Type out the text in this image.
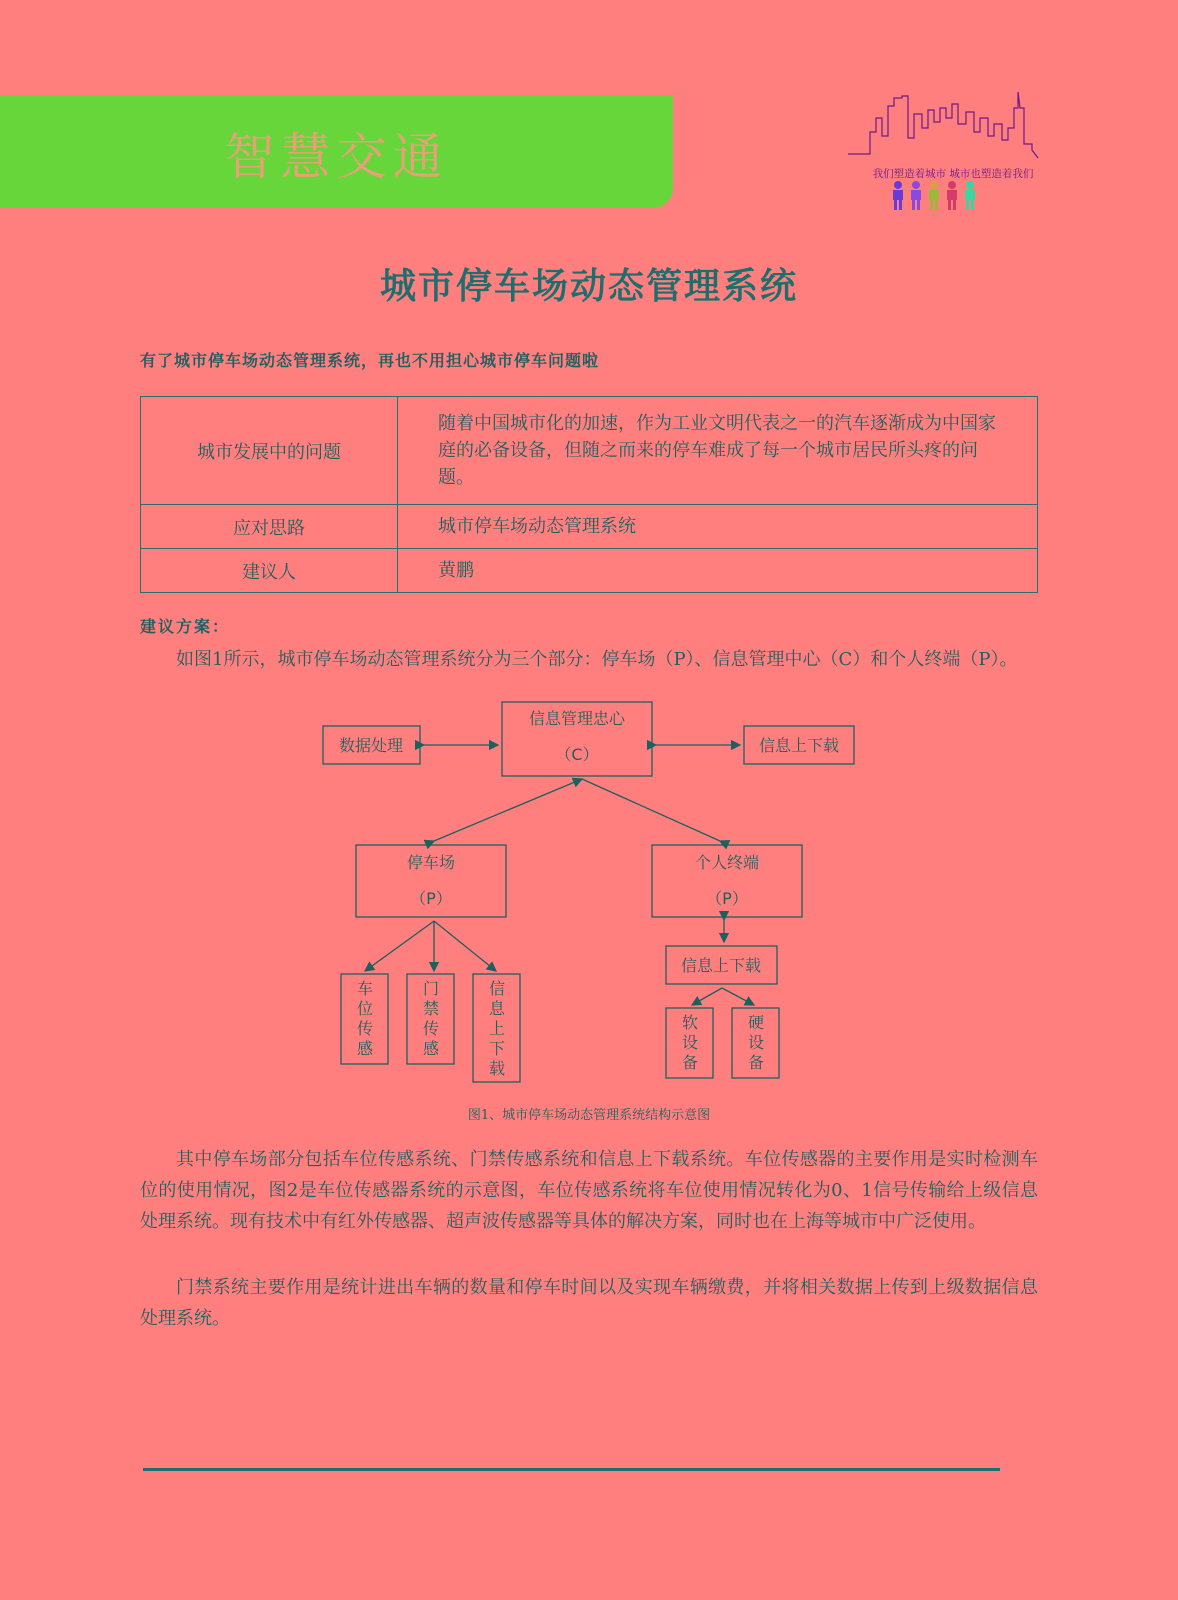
智慧交通	我们塑造着城市 城市也塑造着我们
城市停车场动态管理系统
有了城市停车场动态管理系统，再也不用担心城市停车问题啦
城市发展中的问题	随着中国城市化的加速，作为工业文明代表之一的汽车逐渐成为中国家庭的必备设备，但随之而来的停车难成了每一个城市居民所头疼的问题。
应对思路	城市停车场动态管理系统
建议人	黄鹏
建议方案：

如图1所示，城市停车场动态管理系统分为三个部分：停车场（P）、信息管理中心（C）和个人终端（P）。

信息管理忠心
（C）
数据处理	信息上下载
停车场
（P）
个人终端
（P）
信息上下载
车
位
传
感
门
禁
传
感
信
息
上
下
载
软
设
备
硬
设
备
图1、城市停车场动态管理系统结构示意图

其中停车场部分包括车位传感系统、门禁传感系统和信息上下载系统。车位传感器的主要作用是实时检测车位的使用情况，图2是车位传感器系统的示意图，车位传感系统将车位使用情况转化为0、1信号传输给上级信息处理系统。现有技术中有红外传感器、超声波传感器等具体的解决方案，同时也在上海等城市中广泛使用。

门禁系统主要作用是统计进出车辆的数量和停车时间以及实现车辆缴费，并将相关数据上传到上级数据信息处理系统。
